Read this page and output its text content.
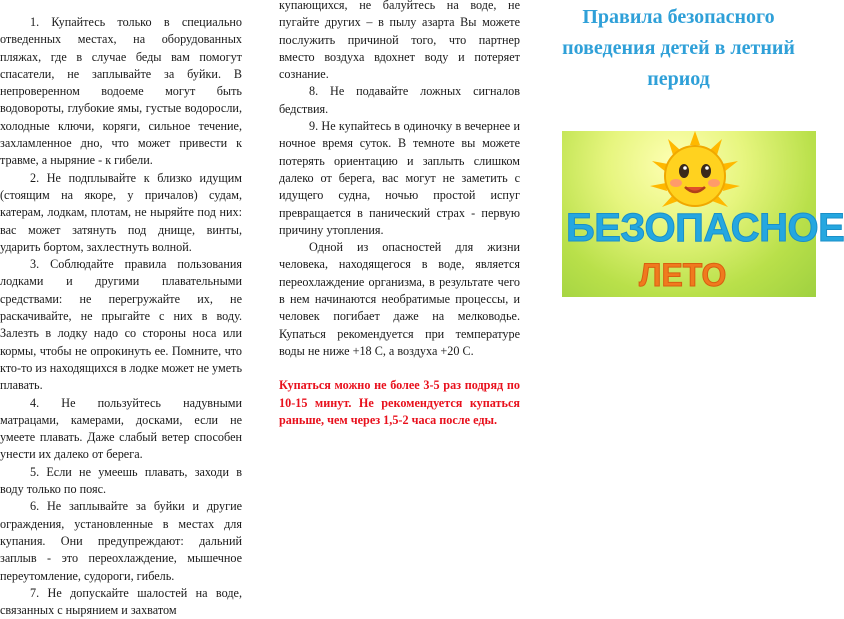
1. Купайтесь только в специально отведенных местах, на оборудованных пляжах, где в случае беды вам помогут спасатели, не заплывайте за буйки. В непроверенном водоеме могут быть водовороты, глубокие ямы, густые водоросли, холодные ключи, коряги, сильное течение, захламленное дно, что может привести к травме, а ныряние - к гибели.

2. Не подплывайте к близко идущим (стоящим на якоре, у причалов) судам, катерам, лодкам, плотам, не ныряйте под них: вас может затянуть под днище, винты, ударить бортом, захлестнуть волной.

3. Соблюдайте правила пользования лодками и другими плавательными средствами: не перегружайте их, не раскачивайте, не прыгайте с них в воду. Залезть в лодку надо со стороны носа или кормы, чтобы не опрокинуть ее. Помните, что кто-то из находящихся в лодке может не уметь плавать.

4. Не пользуйтесь надувными матрацами, камерами, досками, если не умеете плавать. Даже слабый ветер способен унести их далеко от берега.

5. Если не умеешь плавать, заходи в воду только по пояс.

6. Не заплывайте за буйки и другие ограждения, установленные в местах для купания. Они предупреждают: дальний заплыв - это переохлаждение, мышечное переутомление, судороги, гибель.

7. Не допускайте шалостей на воде, связанных с нырянием и захватом

купающихся, не балуйтесь на воде, не пугайте других – в пылу азарта Вы можете послужить причиной того, что партнер вместо воздуха вдохнет воду и потеряет сознание.

8. Не подавайте ложных сигналов бедствия.

9. Не купайтесь в одиночку в вечернее и ночное время суток. В темноте вы можете потерять ориентацию и заплыть слишком далеко от берега, вас могут не заметить с идущего судна, ночью простой испуг превращается в панический страх - первую причину утопления.

Одной из опасностей для жизни человека, находящегося в воде, является переохлаждение организма, в результате чего в нем начинаются необратимые процессы, и человек погибает даже на мелководье. Купаться рекомендуется при температуре воды не ниже +18 С, а воздуха +20 С.

Купаться можно не более 3-5 раз подряд по 10-15 минут. Не рекомендуется купаться раньше, чем через 1,5-2 часа после еды.

Правила безопасного поведения детей в летний период
БЕЗОПАСНОЕ
ЛЕТО
